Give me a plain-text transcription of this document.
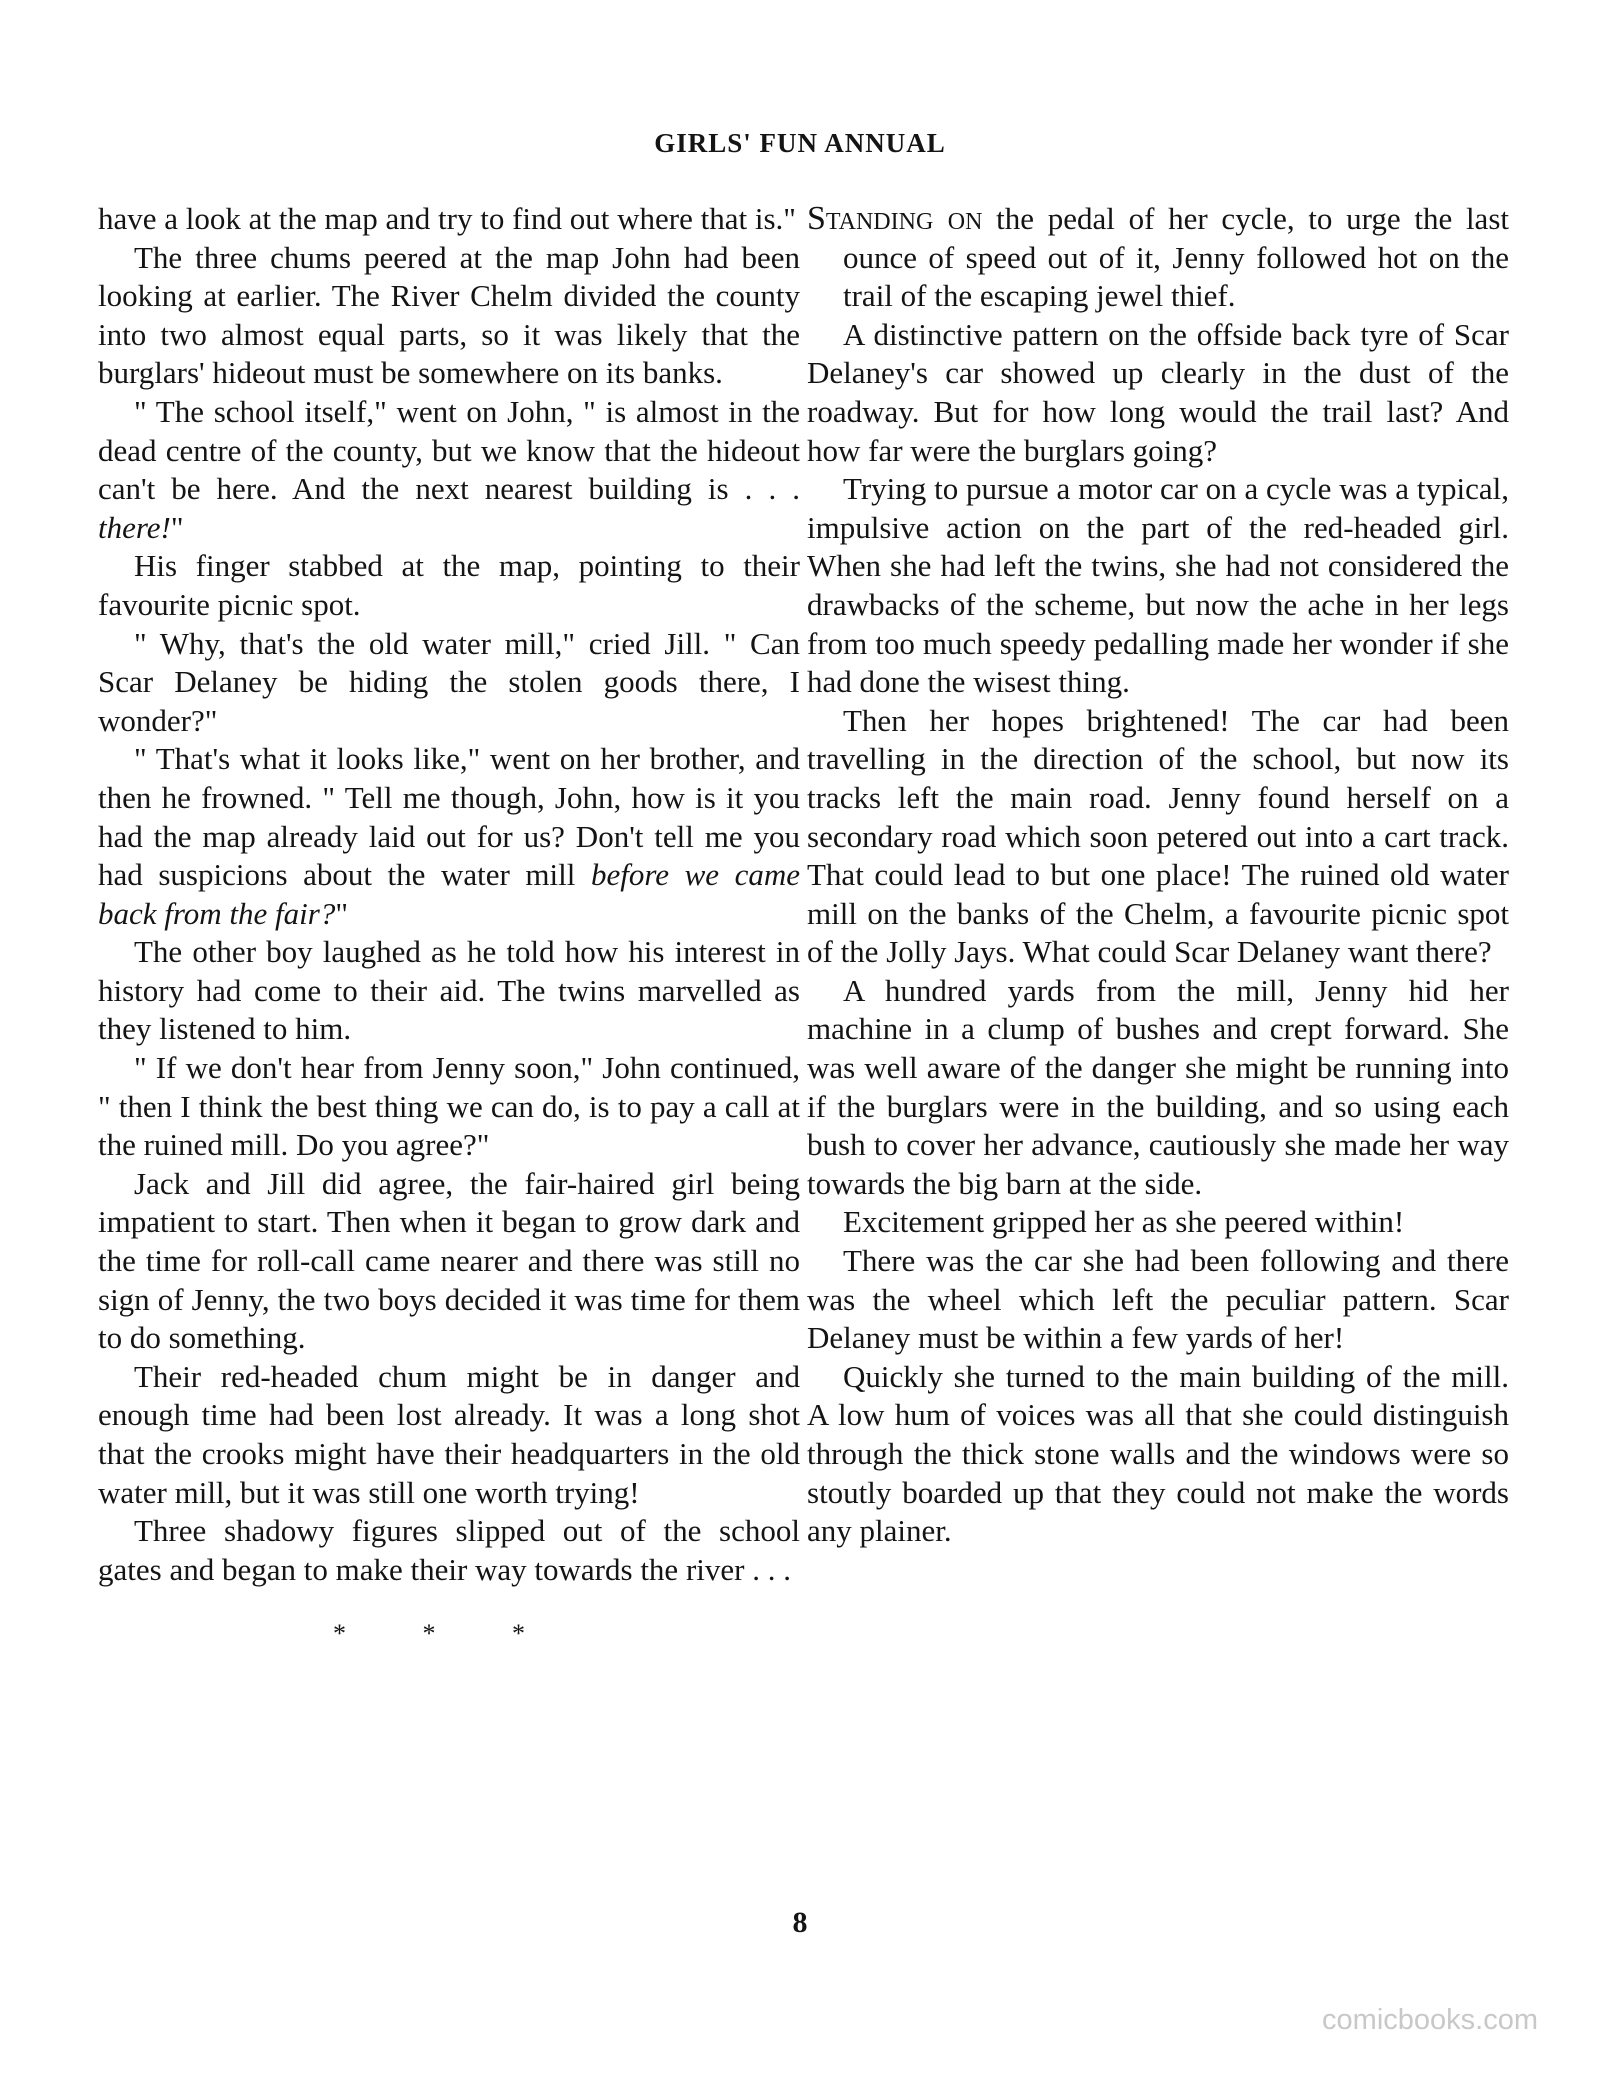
GIRLS' FUN ANNUAL

have a look at the map and try to find out where that is."

The three chums peered at the map John had been looking at earlier. The River Chelm divided the county into two almost equal parts, so it was likely that the burglars' hideout must be somewhere on its banks.

" The school itself," went on John, " is almost in the dead centre of the county, but we know that the hideout can't be here. And the next nearest building is . . . there!"

His finger stabbed at the map, pointing to their favourite picnic spot.

" Why, that's the old water mill," cried Jill. " Can Scar Delaney be hiding the stolen goods there, I wonder?"

" That's what it looks like," went on her brother, and then he frowned. " Tell me though, John, how is it you had the map already laid out for us? Don't tell me you had suspicions about the water mill before we came back from the fair?"

The other boy laughed as he told how his interest in history had come to their aid. The twins marvelled as they listened to him.

" If we don't hear from Jenny soon," John continued, " then I think the best thing we can do, is to pay a call at the ruined mill. Do you agree?"

Jack and Jill did agree, the fair-haired girl being impatient to start. Then when it began to grow dark and the time for roll-call came nearer and there was still no sign of Jenny, the two boys decided it was time for them to do something.

Their red-headed chum might be in danger and enough time had been lost already. It was a long shot that the crooks might have their headquarters in the old water mill, but it was still one worth trying!

Three shadowy figures slipped out of the school gates and began to make their way towards the river . . .

* * *

Standing on the pedal of her cycle, to urge the last ounce of speed out of it, Jenny followed hot on the trail of the escaping jewel thief.

A distinctive pattern on the offside back tyre of Scar Delaney's car showed up clearly in the dust of the roadway. But for how long would the trail last? And how far were the burglars going?

Trying to pursue a motor car on a cycle was a typical, impulsive action on the part of the red-headed girl. When she had left the twins, she had not considered the drawbacks of the scheme, but now the ache in her legs from too much speedy pedalling made her wonder if she had done the wisest thing.

Then her hopes brightened! The car had been travelling in the direction of the school, but now its tracks left the main road. Jenny found herself on a secondary road which soon petered out into a cart track. That could lead to but one place! The ruined old water mill on the banks of the Chelm, a favourite picnic spot of the Jolly Jays. What could Scar Delaney want there?

A hundred yards from the mill, Jenny hid her machine in a clump of bushes and crept forward. She was well aware of the danger she might be running into if the burglars were in the building, and so using each bush to cover her advance, cautiously she made her way towards the big barn at the side.

Excitement gripped her as she peered within!

There was the car she had been following and there was the wheel which left the peculiar pattern. Scar Delaney must be within a few yards of her!

Quickly she turned to the main building of the mill. A low hum of voices was all that she could distinguish through the thick stone walls and the windows were so stoutly boarded up that they could not make the words any plainer.

8
comicbooks.com
